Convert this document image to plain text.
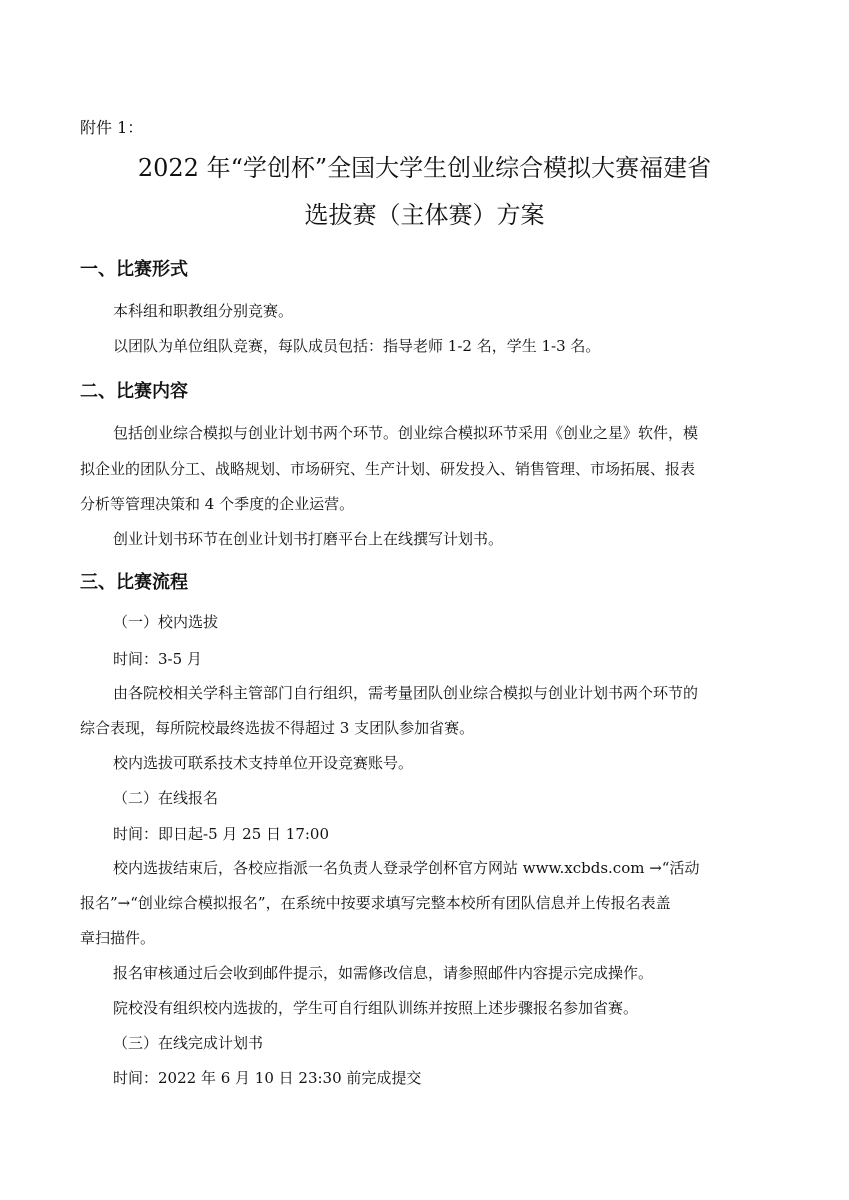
附件 1：
2022 年“学创杯”全国大学生创业综合模拟大赛福建省
选拔赛（主体赛）方案
一、比赛形式
本科组和职教组分别竞赛。
以团队为单位组队竞赛，每队成员包括：指导老师 1-2 名，学生 1-3 名。
二、比赛内容
包括创业综合模拟与创业计划书两个环节。创业综合模拟环节采用《创业之星》软件，模
拟企业的团队分工、战略规划、市场研究、生产计划、研发投入、销售管理、市场拓展、报表
分析等管理决策和 4 个季度的企业运营。
创业计划书环节在创业计划书打磨平台上在线撰写计划书。
三、比赛流程
（一）校内选拔
时间：3-5 月
由各院校相关学科主管部门自行组织，需考量团队创业综合模拟与创业计划书两个环节的
综合表现，每所院校最终选拔不得超过 3 支团队参加省赛。
校内选拔可联系技术支持单位开设竞赛账号。
（二）在线报名
时间：即日起-5 月 25 日 17:00
校内选拔结束后，各校应指派一名负责人登录学创杯官方网站 www.xcbds.com →“活动
报名”→“创业综合模拟报名”，在系统中按要求填写完整本校所有团队信息并上传报名表盖
章扫描件。
报名审核通过后会收到邮件提示，如需修改信息，请参照邮件内容提示完成操作。
院校没有组织校内选拔的，学生可自行组队训练并按照上述步骤报名参加省赛。
（三）在线完成计划书
时间：2022 年 6 月 10 日 23:30 前完成提交
